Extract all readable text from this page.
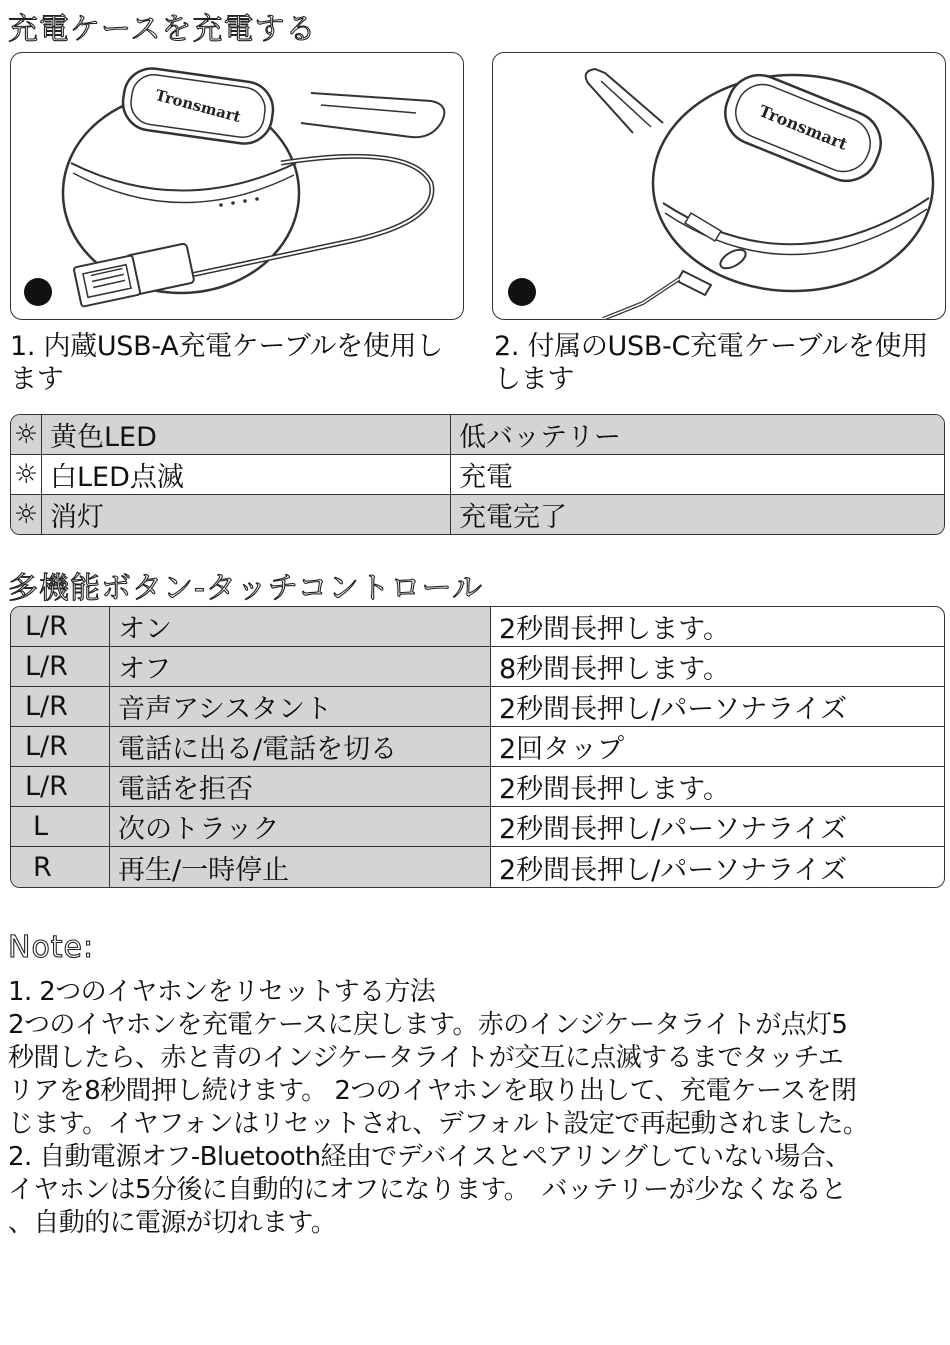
充電ケースを充電する
Tronsmart	Tronsmart
1. 内蔵USB-A充電ケーブルを使用します
2. 付属のUSB-C充電ケーブルを使用します
☼	黄色LED	低バッテリー
☼	白LED点滅	充電
☼	消灯	充電完了
多機能ボタン-タッチコントロール
L/R	オン	2秒間長押します。
L/R	オフ	8秒間長押します。
L/R	音声アシスタント	2秒間長押し/パーソナライズ
L/R	電話に出る/電話を切る	2回タップ
L/R	電話を拒否	2秒間長押します。
L	次のトラック	2秒間長押し/パーソナライズ
R	再生/一時停止	2秒間長押し/パーソナライズ
Note:

1. 2つのイヤホンをリセットする方法

2つのイヤホンを充電ケースに戻します。赤のインジケータライトが点灯5

秒間したら、赤と青のインジケータライトが交互に点滅するまでタッチエ

リアを8秒間押し続けます。 2つのイヤホンを取り出して、充電ケースを閉

じます。イヤフォンはリセットされ、デフォルト設定で再起動されました。

2. 自動電源オフ-Bluetooth経由でデバイスとペアリングしていない場合、

イヤホンは5分後に自動的にオフになります。　バッテリーが少なくなると

、自動的に電源が切れます。
